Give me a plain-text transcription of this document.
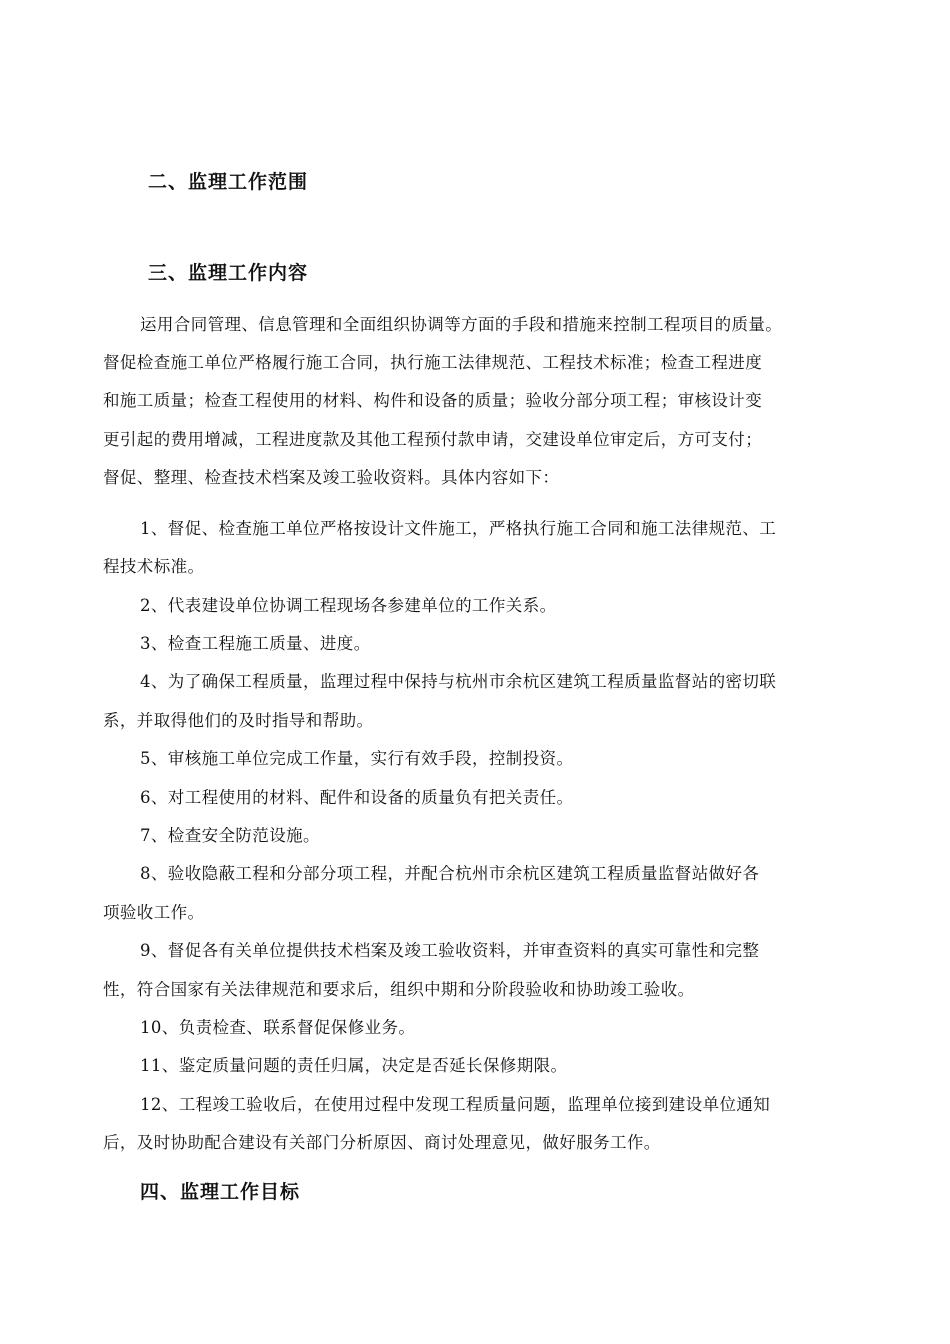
二、监理工作范围
三、监理工作内容
运用合同管理、信息管理和全面组织协调等方面的手段和措施来控制工程项目的质量。
督促检查施工单位严格履行施工合同，执行施工法律规范、工程技术标准；检查工程进度
和施工质量；检查工程使用的材料、构件和设备的质量；验收分部分项工程；审核设计变
更引起的费用增减，工程进度款及其他工程预付款申请，交建设单位审定后，方可支付；
督促、整理、检查技术档案及竣工验收资料。具体内容如下：
1、督促、检查施工单位严格按设计文件施工，严格执行施工合同和施工法律规范、工
程技术标准。
2、代表建设单位协调工程现场各参建单位的工作关系。
3、检查工程施工质量、进度。
4、为了确保工程质量，监理过程中保持与杭州市余杭区建筑工程质量监督站的密切联
系，并取得他们的及时指导和帮助。
5、审核施工单位完成工作量，实行有效手段，控制投资。
6、对工程使用的材料、配件和设备的质量负有把关责任。
7、检查安全防范设施。
8、验收隐蔽工程和分部分项工程，并配合杭州市余杭区建筑工程质量监督站做好各
项验收工作。
9、督促各有关单位提供技术档案及竣工验收资料，并审查资料的真实可靠性和完整
性，符合国家有关法律规范和要求后，组织中期和分阶段验收和协助竣工验收。
10、负责检查、联系督促保修业务。
11、鉴定质量问题的责任归属，决定是否延长保修期限。
12、工程竣工验收后，在使用过程中发现工程质量问题，监理单位接到建设单位通知
后，及时协助配合建设有关部门分析原因、商讨处理意见，做好服务工作。
四、监理工作目标
